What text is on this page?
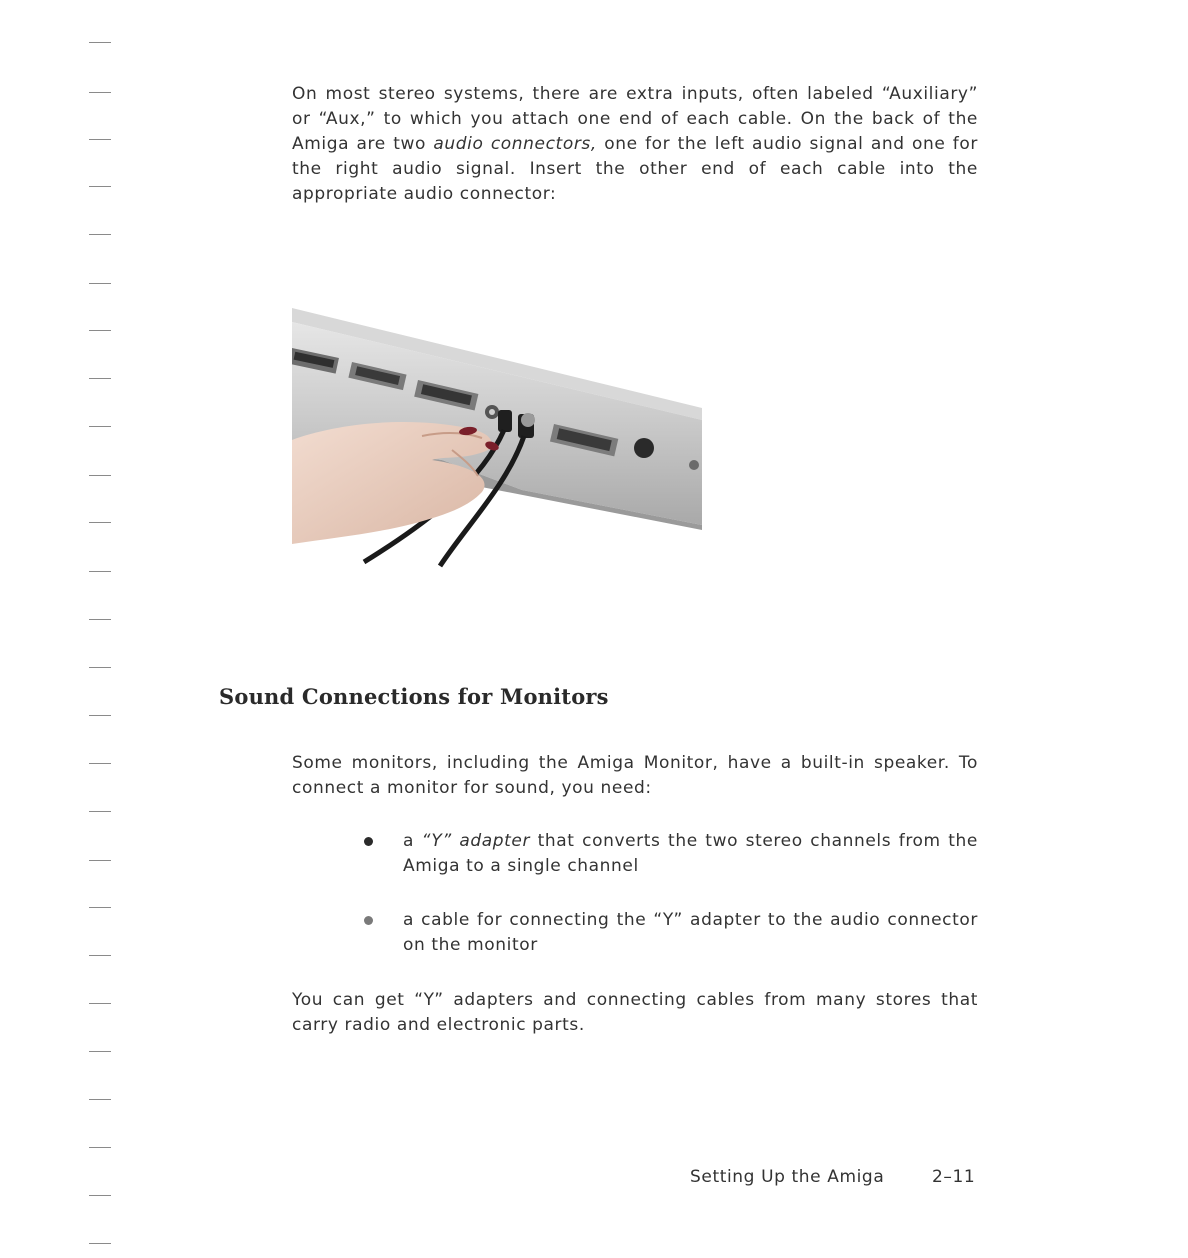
On most stereo systems, there are extra inputs, often labeled “Auxiliary” or “Aux,” to which you attach one end of each cable. On the back of the Amiga are two audio connectors, one for the left audio signal and one for the right audio signal. Insert the other end of each cable into the appropriate audio connector:

Sound Connections for Monitors

Some monitors, including the Amiga Monitor, have a built-in speaker. To connect a monitor for sound, you need:

a “Y” adapter that converts the two stereo channels from the Amiga to a single channel

a cable for connecting the “Y” adapter to the audio connector on the monitor

You can get “Y” adapters and connecting cables from many stores that carry radio and electronic parts.

Setting Up the Amiga	2–11
